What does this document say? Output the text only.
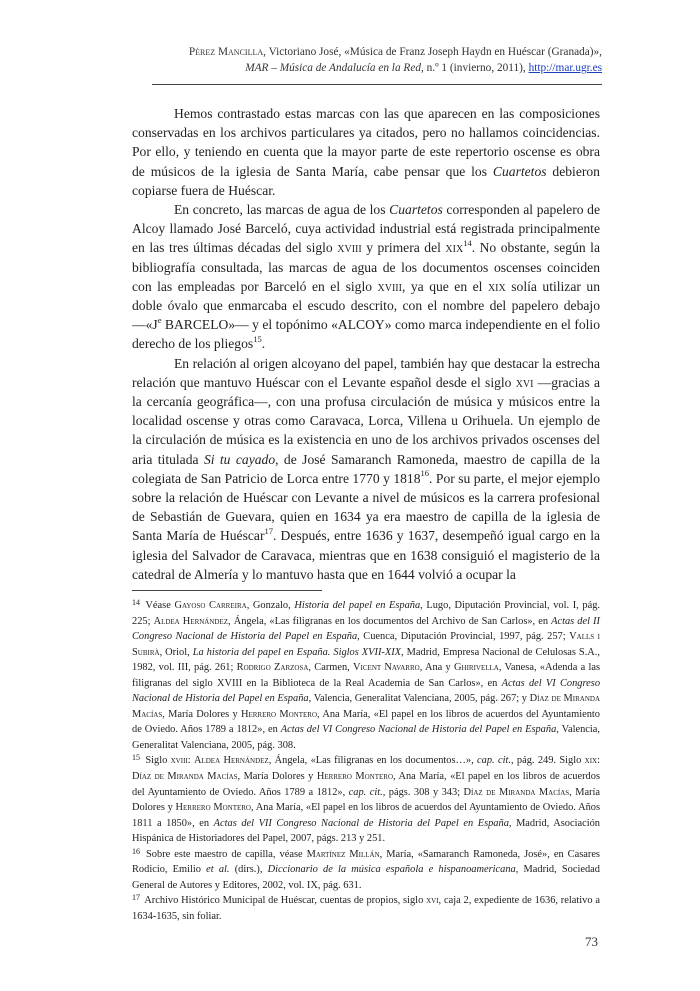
Pérez Mancilla, Victoriano José, «Música de Franz Joseph Haydn en Huéscar (Granada)»,
MAR – Música de Andalucía en la Red, n.º 1 (invierno, 2011), http://mar.ugr.es

Hemos contrastado estas marcas con las que aparecen en las composiciones conservadas en los archivos particulares ya citados, pero no hallamos coincidencias. Por ello, y teniendo en cuenta que la mayor parte de este repertorio oscense es obra de músicos de la iglesia de Santa María, cabe pensar que los Cuartetos debieron copiarse fuera de Huéscar.

En concreto, las marcas de agua de los Cuartetos corresponden al papelero de Alcoy llamado José Barceló, cuya actividad industrial está registrada principalmente en las tres últimas décadas del siglo xviii y primera del xix$^{14}$. No obstante, según la bibliografía consultada, las marcas de agua de los documentos oscenses coinciden con las empleadas por Barceló en el siglo xviii, ya que en el xix solía utilizar un doble óvalo que enmarcaba el escudo descrito, con el nombre del papelero debajo —«J$^e$ BARCELO»— y el topónimo «ALCOY» como marca independiente en el folio derecho de los pliegos$^{15}$.

En relación al origen alcoyano del papel, también hay que destacar la estrecha relación que mantuvo Huéscar con el Levante español desde el siglo xvi —gracias a la cercanía geográfica—, con una profusa circulación de música y músicos entre la localidad oscense y otras como Caravaca, Lorca, Villena u Orihuela. Un ejemplo de la circulación de música es la existencia en uno de los archivos privados oscenses del aria titulada Si tu cayado, de José Samaranch Ramoneda, maestro de capilla de la colegiata de San Patricio de Lorca entre 1770 y 1818$^{16}$. Por su parte, el mejor ejemplo sobre la relación de Huéscar con Levante a nivel de músicos es la carrera profesional de Sebastián de Guevara, quien en 1634 ya era maestro de capilla de la iglesia de Santa María de Huéscar$^{17}$. Después, entre 1636 y 1637, desempeñó igual cargo en la iglesia del Salvador de Caravaca, mientras que en 1638 consiguió el magisterio de la catedral de Almería y lo mantuvo hasta que en 1644 volvió a ocupar la

$^{14}$ Véase Gayoso Carreira, Gonzalo, Historia del papel en España, Lugo, Diputación Provincial, vol. I, pág. 225; Aldea Hernández, Ángela, «Las filigranas en los documentos del Archivo de San Carlos», en Actas del II Congreso Nacional de Historia del Papel en España, Cuenca, Diputación Provincial, 1997, pág. 257; Valls i Subirà, Oriol, La historia del papel en España. Siglos XVII-XIX, Madrid, Empresa Nacional de Celulosas S.A., 1982, vol. III, pág. 261; Rodrigo Zarzosa, Carmen, Vicent Navarro, Ana y Ghirivella, Vanesa, «Adenda a las filigranas del siglo XVIII en la Biblioteca de la Real Academia de San Carlos», en Actas del VI Congreso Nacional de Historia del Papel en España, Valencia, Generalitat Valenciana, 2005, pág. 267; y Díaz de Miranda Macías, María Dolores y Herrero Montero, Ana María, «El papel en los libros de acuerdos del Ayuntamiento de Oviedo. Años 1789 a 1812», en Actas del VI Congreso Nacional de Historia del Papel en España, Valencia, Generalitat Valenciana, 2005, pág. 308.

$^{15}$ Siglo xviii: Aldea Hernández, Ángela, «Las filigranas en los documentos…», cap. cit., pág. 249. Siglo xix: Díaz de Miranda Macías, María Dolores y Herrero Montero, Ana María, «El papel en los libros de acuerdos del Ayuntamiento de Oviedo. Años 1789 a 1812», cap. cit., págs. 308 y 343; Díaz de Miranda Macías, María Dolores y Herrero Montero, Ana María, «El papel en los libros de acuerdos del Ayuntamiento de Oviedo. Años 1811 a 1850», en Actas del VII Congreso Nacional de Historia del Papel en España, Madrid, Asociación Hispánica de Historiadores del Papel, 2007, págs. 213 y 251.

$^{16}$ Sobre este maestro de capilla, véase Martínez Millán, María, «Samaranch Ramoneda, José», en Casares Rodicio, Emilio et al. (dirs.), Diccionario de la música española e hispanoamericana, Madrid, Sociedad General de Autores y Editores, 2002, vol. IX, pág. 631.

$^{17}$ Archivo Histórico Municipal de Huéscar, cuentas de propios, siglo xvi, caja 2, expediente de 1636, relativo a 1634-1635, sin foliar.

73
